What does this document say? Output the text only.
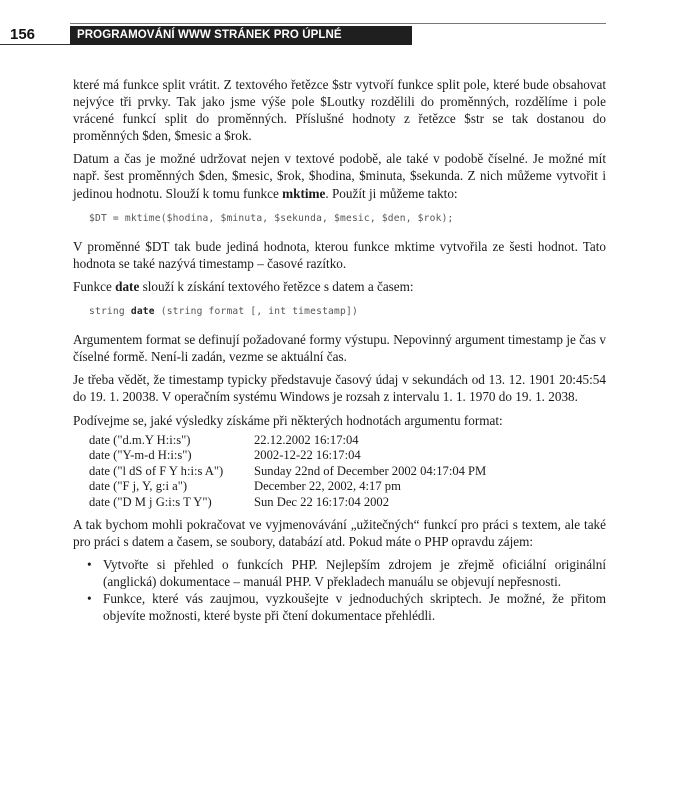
156	PROGRAMOVÁNÍ WWW STRÁNEK PRO ÚPLNÉ ZAČÁTEČNÍKY

které má funkce split vrátit. Z textového řetězce $str vytvoří funkce split pole, které bude obsahovat nejvýce tři prvky. Tak jako jsme výše pole $Loutky rozdělili do proměnných, rozdělíme i pole vrácené funkcí split do proměnných. Příslušné hodnoty z řetězce $str se tak dostanou do proměnných $den, $mesic a $rok.

Datum a čas je možné udržovat nejen v textové podobě, ale také v podobě číselné. Je možné mít např. šest proměnných $den, $mesic, $rok, $hodina, $minuta, $sekunda. Z nich můžeme vytvořit i jedinou hodnotu. Slouží k tomu funkce mktime. Použít ji můžeme takto:

$DT = mktime($hodina, $minuta, $sekunda, $mesic, $den, $rok);

V proměnné $DT tak bude jediná hodnota, kterou funkce mktime vytvořila ze šesti hodnot. Tato hodnota se také nazývá timestamp – časové razítko.

Funkce date slouží k získání textového řetězce s datem a časem:

string date (string format [, int timestamp])

Argumentem format se definují požadované formy výstupu. Nepovinný argument timestamp je čas v číselné formě. Není-li zadán, vezme se aktuální čas.

Je třeba vědět, že timestamp typicky představuje časový údaj v sekundách od 13. 12. 1901 20:45:54 do 19. 1. 20038. V operačním systému Windows je rozsah z intervalu 1. 1. 1970 do 19. 1. 2038.

Podívejme se, jaké výsledky získáme při některých hodnotách argumentu format:

date ("d.m.Y H:i:s")	22.12.2002 16:17:04
date ("Y-m-d H:i:s")	2002-12-22 16:17:04
date ("l dS of F Y h:i:s A")	Sunday 22nd of December 2002 04:17:04 PM
date ("F j, Y, g:i a")	December 22, 2002, 4:17 pm
date ("D M j G:i:s T Y")	Sun Dec 22 16:17:04 2002

A tak bychom mohli pokračovat ve vyjmenovávání „užitečných“ funkcí pro práci s textem, ale také pro práci s datem a časem, se soubory, databází atd. Pokud máte o PHP opravdu zájem:

• Vytvořte si přehled o funkcích PHP. Nejlepším zdrojem je zřejmě oficiální originální (anglická) dokumentace – manuál PHP. V překladech manuálu se objevují nepřesnosti.
• Funkce, které vás zaujmou, vyzkoušejte v jednoduchých skriptech. Je možné, že přitom objevíte možnosti, které byste při čtení dokumentace přehlédli.
